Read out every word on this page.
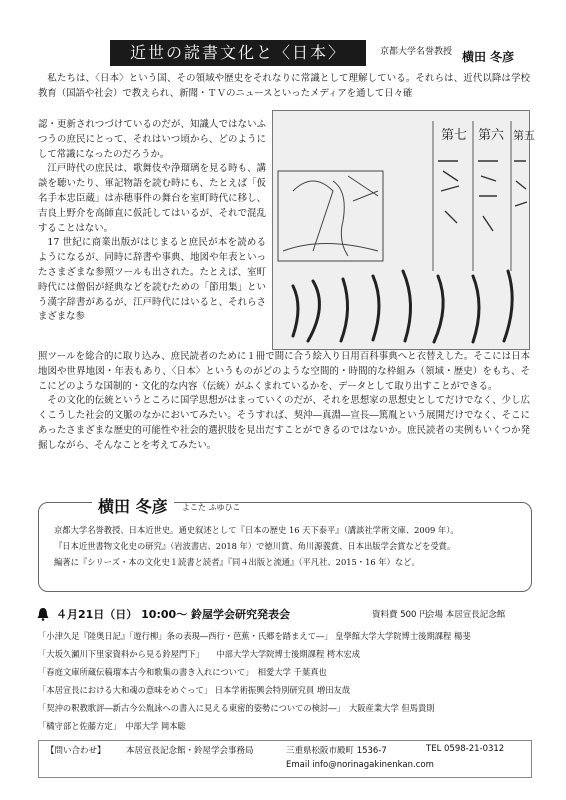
近世の読書文化と〈日本〉	京都大学名誉教授 横田 冬彦
私たちは、〈日本〉という国、その領域や歴史をそれなりに常識として理解している。それらは、近代以降は学校教育（国語や社会）で教えられ、新聞・ＴＶのニュースといったメディアを通して日々確

認・更新されつづけているのだが、知識人ではないふつうの庶民にとって、それはいつ頃から、どのようにして常識になったのだろうか。

江戸時代の庶民は、歌舞伎や浄瑠璃を見る時も、講談を聴いたり、軍記物語を読む時にも、たとえば「仮名手本忠臣蔵」は赤穂事件の舞台を室町時代に移し、吉良上野介を高師直に仮託してはいるが、それで混乱することはない。

17 世紀に商業出版がはじまると庶民が本を読めるようになるが、同時に辞書や事典、地図や年表といったさまざまな参照ツールも出された。たとえば、室町時代には僧侶が経典などを読むための「節用集」という漢字辞書があるが、江戸時代にはいると、それらさまざまな参

第七 第六 第五

照ツールを総合的に取り込み、庶民読者のために１冊で間に合う絵入り日用百科事典へと衣替えした。そこには日本地図や世界地図・年表もあり、〈日本〉というものがどのような空間的・時間的な枠組み（領域・歴史）をもち、そこにどのような国制的・文化的な内容（伝統）がふくまれているかを、データとして取り出すことができる。

その文化的伝統というところに国学思想がはまっていくのだが、それを思想家の思想史としてだけでなく、少し広くこうした社会的文脈のなかにおいてみたい。そうすれば、契沖―真淵―宣長―篤胤という展開だけでなく、そこにあったさまざまな歴史的可能性や社会的選択肢を見出だすことができるのではないか。庶民読者の実例もいくつか発掘しながら、そんなことを考えてみたい。

横田 冬彦	よこた ふゆひこ

京都大学名誉教授、日本近世史。通史叙述として『日本の歴史 16 天下泰平』（講談社学術文庫、2009 年）。

『日本近世書物文化史の研究』（岩波書店、2018 年）で徳川賞、角川源義賞、日本出版学会賞などを受賞。

編著に『シリーズ・本の文化史１読書と読者』『同４出版と流通』（平凡社、2015・16 年）など。

４月21日（日） 10:00～ 鈴屋学会研究発表会	資料費 500 円
会場 本居宣長記念館
「小津久足『陸奥日記』「遊行柳」条の表現―西行・芭蕉・氏郷を踏まえて―」 皇學館大学大学院博士後期課程 楊斐
「大坂久瀬川下里家資料から見る鈴屋門下」　　中部大学大学院博士後期課程 樗木宏成
「春庭文庫所蔵伝稿瑠本古今和歌集の書き入れについて」　相愛大学 千葉真也
「本居宣長における大和魂の意味をめぐって」 日本学術振興会特別研究員 増田友哉
「契沖の釈教歌評―新古今公胤詠への書入に見える東密的姿勢についての検討―」　大阪産業大学 但馬貴則
「橘守部と佐藤方定」　中部大学 岡本聡
【問い合わせ】 本居宣長記念館・鈴屋学会事務局	三重県松阪市殿町 1536-7	TEL 0598-21-0312
Email info@norinagakinenkan.com
